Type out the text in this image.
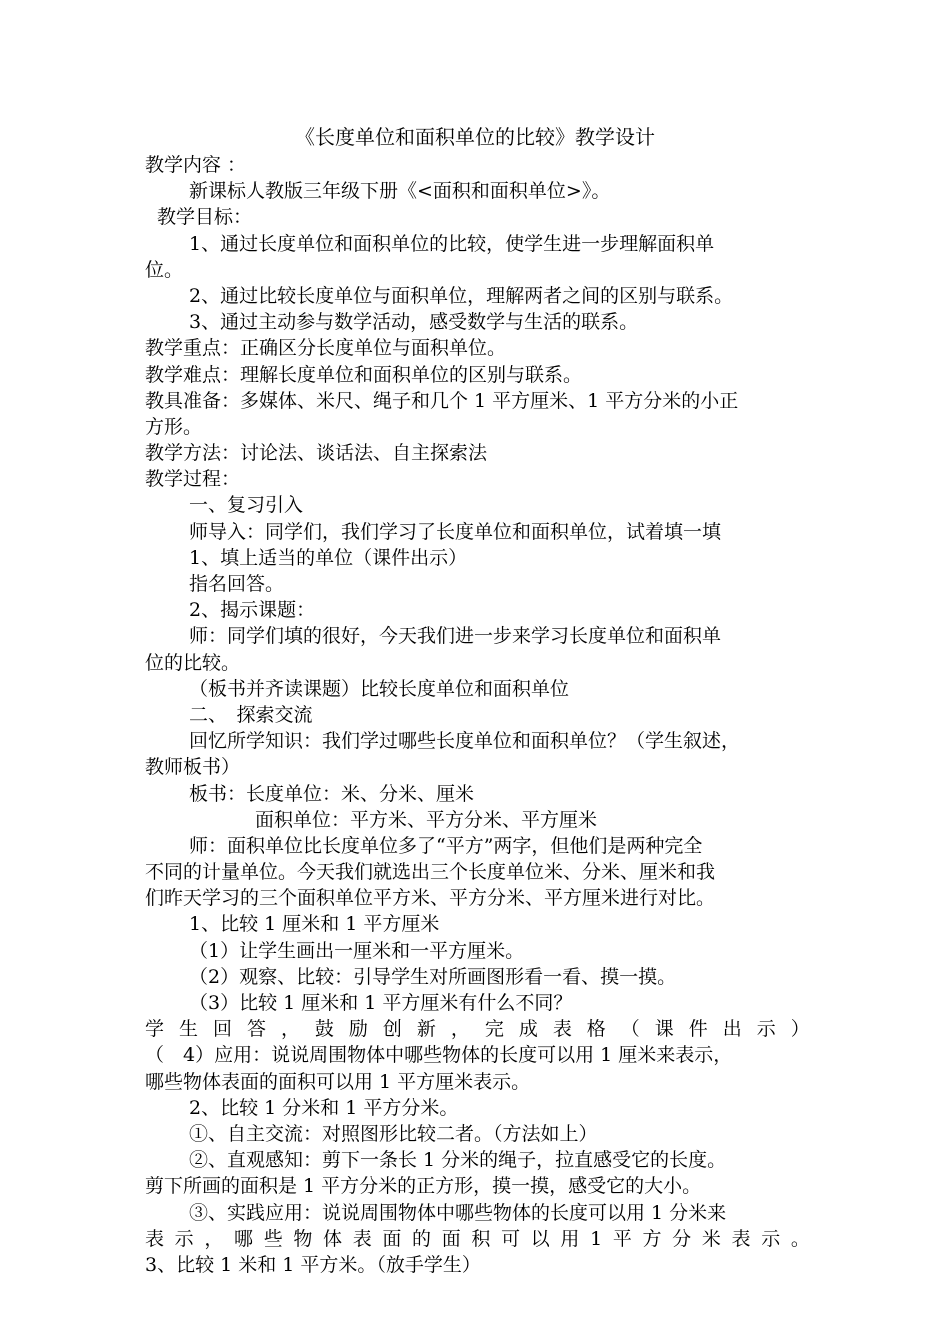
《长度单位和面积单位的比较》教学设计
教学内容 ：
新课标人教版三年级下册《<面积和面积单位>》。
教学目标：
1、通过长度单位和面积单位的比较，使学生进一步理解面积单
位。
2、通过比较长度单位与面积单位，理解两者之间的区别与联系。
3、通过主动参与数学活动，感受数学与生活的联系。
教学重点：正确区分长度单位与面积单位。
教学难点：理解长度单位和面积单位的区别与联系。
教具准备：多媒体、米尺、绳子和几个 1 平方厘米、1 平方分米的小正
方形。
教学方法：讨论法、谈话法、自主探索法
教学过程：
一、复习引入
师导入：同学们，我们学习了长度单位和面积单位，试着填一填
1、填上适当的单位（课件出示）
指名回答。
2、揭示课题：
师：同学们填的很好，今天我们进一步来学习长度单位和面积单
位的比较。
（板书并齐读课题）比较长度单位和面积单位
二、　探索交流
回忆所学知识：我们学过哪些长度单位和面积单位？（学生叙述，
教师板书）
板书：长度单位：米、分米、厘米
面积单位：平方米、平方分米、平方厘米
师：面积单位比长度单位多了“平方”两字，但他们是两种完全
不同的计量单位。今天我们就选出三个长度单位米、分米、厘米和我
们昨天学习的三个面积单位平方米、平方分米、平方厘米进行对比。
1、比较 1 厘米和 1 平方厘米
（1）让学生画出一厘米和一平方厘米。
（2）观察、比较：引导学生对所画图形看一看、摸一摸。
（3）比较 1 厘米和 1 平方厘米有什么不同？
学 生 回 答 ， 鼓 励 创 新 ， 完 成 表 格 （ 课 件 出 示 ）
（　4）应用：说说周围物体中哪些物体的长度可以用 1 厘米来表示，
哪些物体表面的面积可以用 1 平方厘米表示。
2、比较 1 分米和 1 平方分米。
①、自主交流：对照图形比较二者。（方法如上）
②、直观感知：剪下一条长 1 分米的绳子，拉直感受它的长度。
剪下所画的面积是 1 平方分米的正方形，摸一摸，感受它的大小。
③、实践应用：说说周围物体中哪些物体的长度可以用 1 分米来
表 示 ， 哪 些 物 体 表 面 的 面 积 可 以 用 1 平 方 分 米 表 示 。
3、比较 1 米和 1 平方米。（放手学生）
